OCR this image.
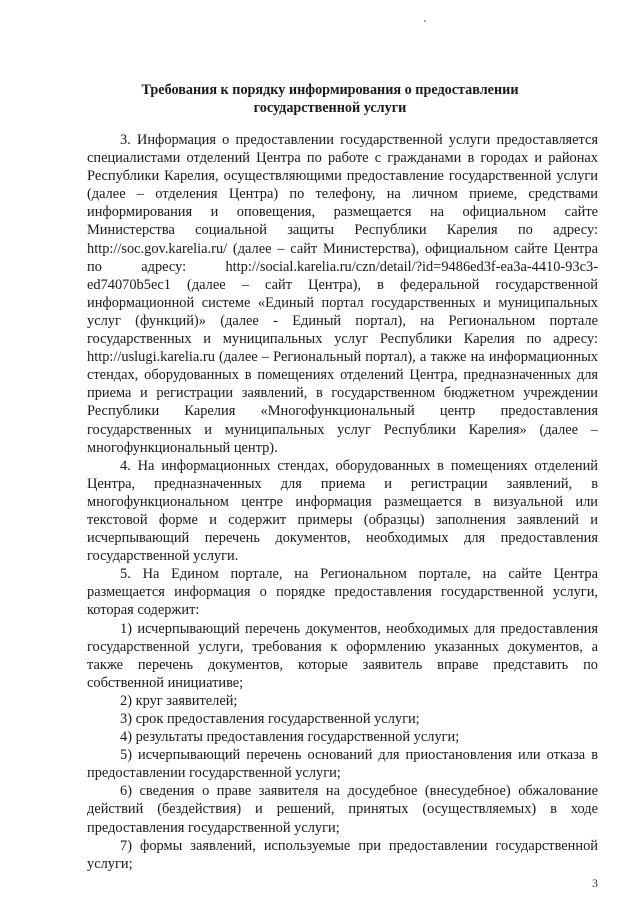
Требования к порядку информирования о предоставлении
государственной услуги

3. Информация о предоставлении государственной услуги предоставляется специалистами отделений Центра по работе с гражданами в городах и районах Республики Карелия, осуществляющими предоставление государственной услуги (далее – отделения Центра) по телефону, на личном приеме, средствами информирования и оповещения, размещается на официальном сайте Министерства социальной защиты Республики Карелия по адресу: http://soc.gov.karelia.ru/ (далее – сайт Министерства), официальном сайте Центра по адресу: http://social.karelia.ru/czn/detail/?id=9486ed3f-ea3a-4410-93c3-ed74070b5ec1 (далее – сайт Центра), в федеральной государственной информационной системе «Единый портал государственных и муниципальных услуг (функций)» (далее - Единый портал), на Региональном портале государственных и муниципальных услуг Республики Карелия по адресу: http://uslugi.karelia.ru (далее – Региональный портал), а также на информационных стендах, оборудованных в помещениях отделений Центра, предназначенных для приема и регистрации заявлений, в государственном бюджетном учреждении Республики Карелия «Многофункциональный центр предоставления государственных и муниципальных услуг Республики Карелия» (далее – многофункциональный центр).

4. На информационных стендах, оборудованных в помещениях отделений Центра, предназначенных для приема и регистрации заявлений, в многофункциональном центре информация размещается в визуальной или текстовой форме и содержит примеры (образцы) заполнения заявлений и исчерпывающий перечень документов, необходимых для предоставления государственной услуги.

5. На Едином портале, на Региональном портале, на сайте Центра размещается информация о порядке предоставления государственной услуги, которая содержит:

1) исчерпывающий перечень документов, необходимых для предоставления государственной услуги, требования к оформлению указанных документов, а также перечень документов, которые заявитель вправе представить по собственной инициативе;

2) круг заявителей;

3) срок предоставления государственной услуги;

4) результаты предоставления государственной услуги;

5) исчерпывающий перечень оснований для приостановления или отказа в предоставлении государственной услуги;

6) сведения о праве заявителя на досудебное (внесудебное) обжалование действий (бездействия) и решений, принятых (осуществляемых) в ходе предоставления государственной услуги;

7) формы заявлений, используемые при предоставлении государственной услуги;

3
